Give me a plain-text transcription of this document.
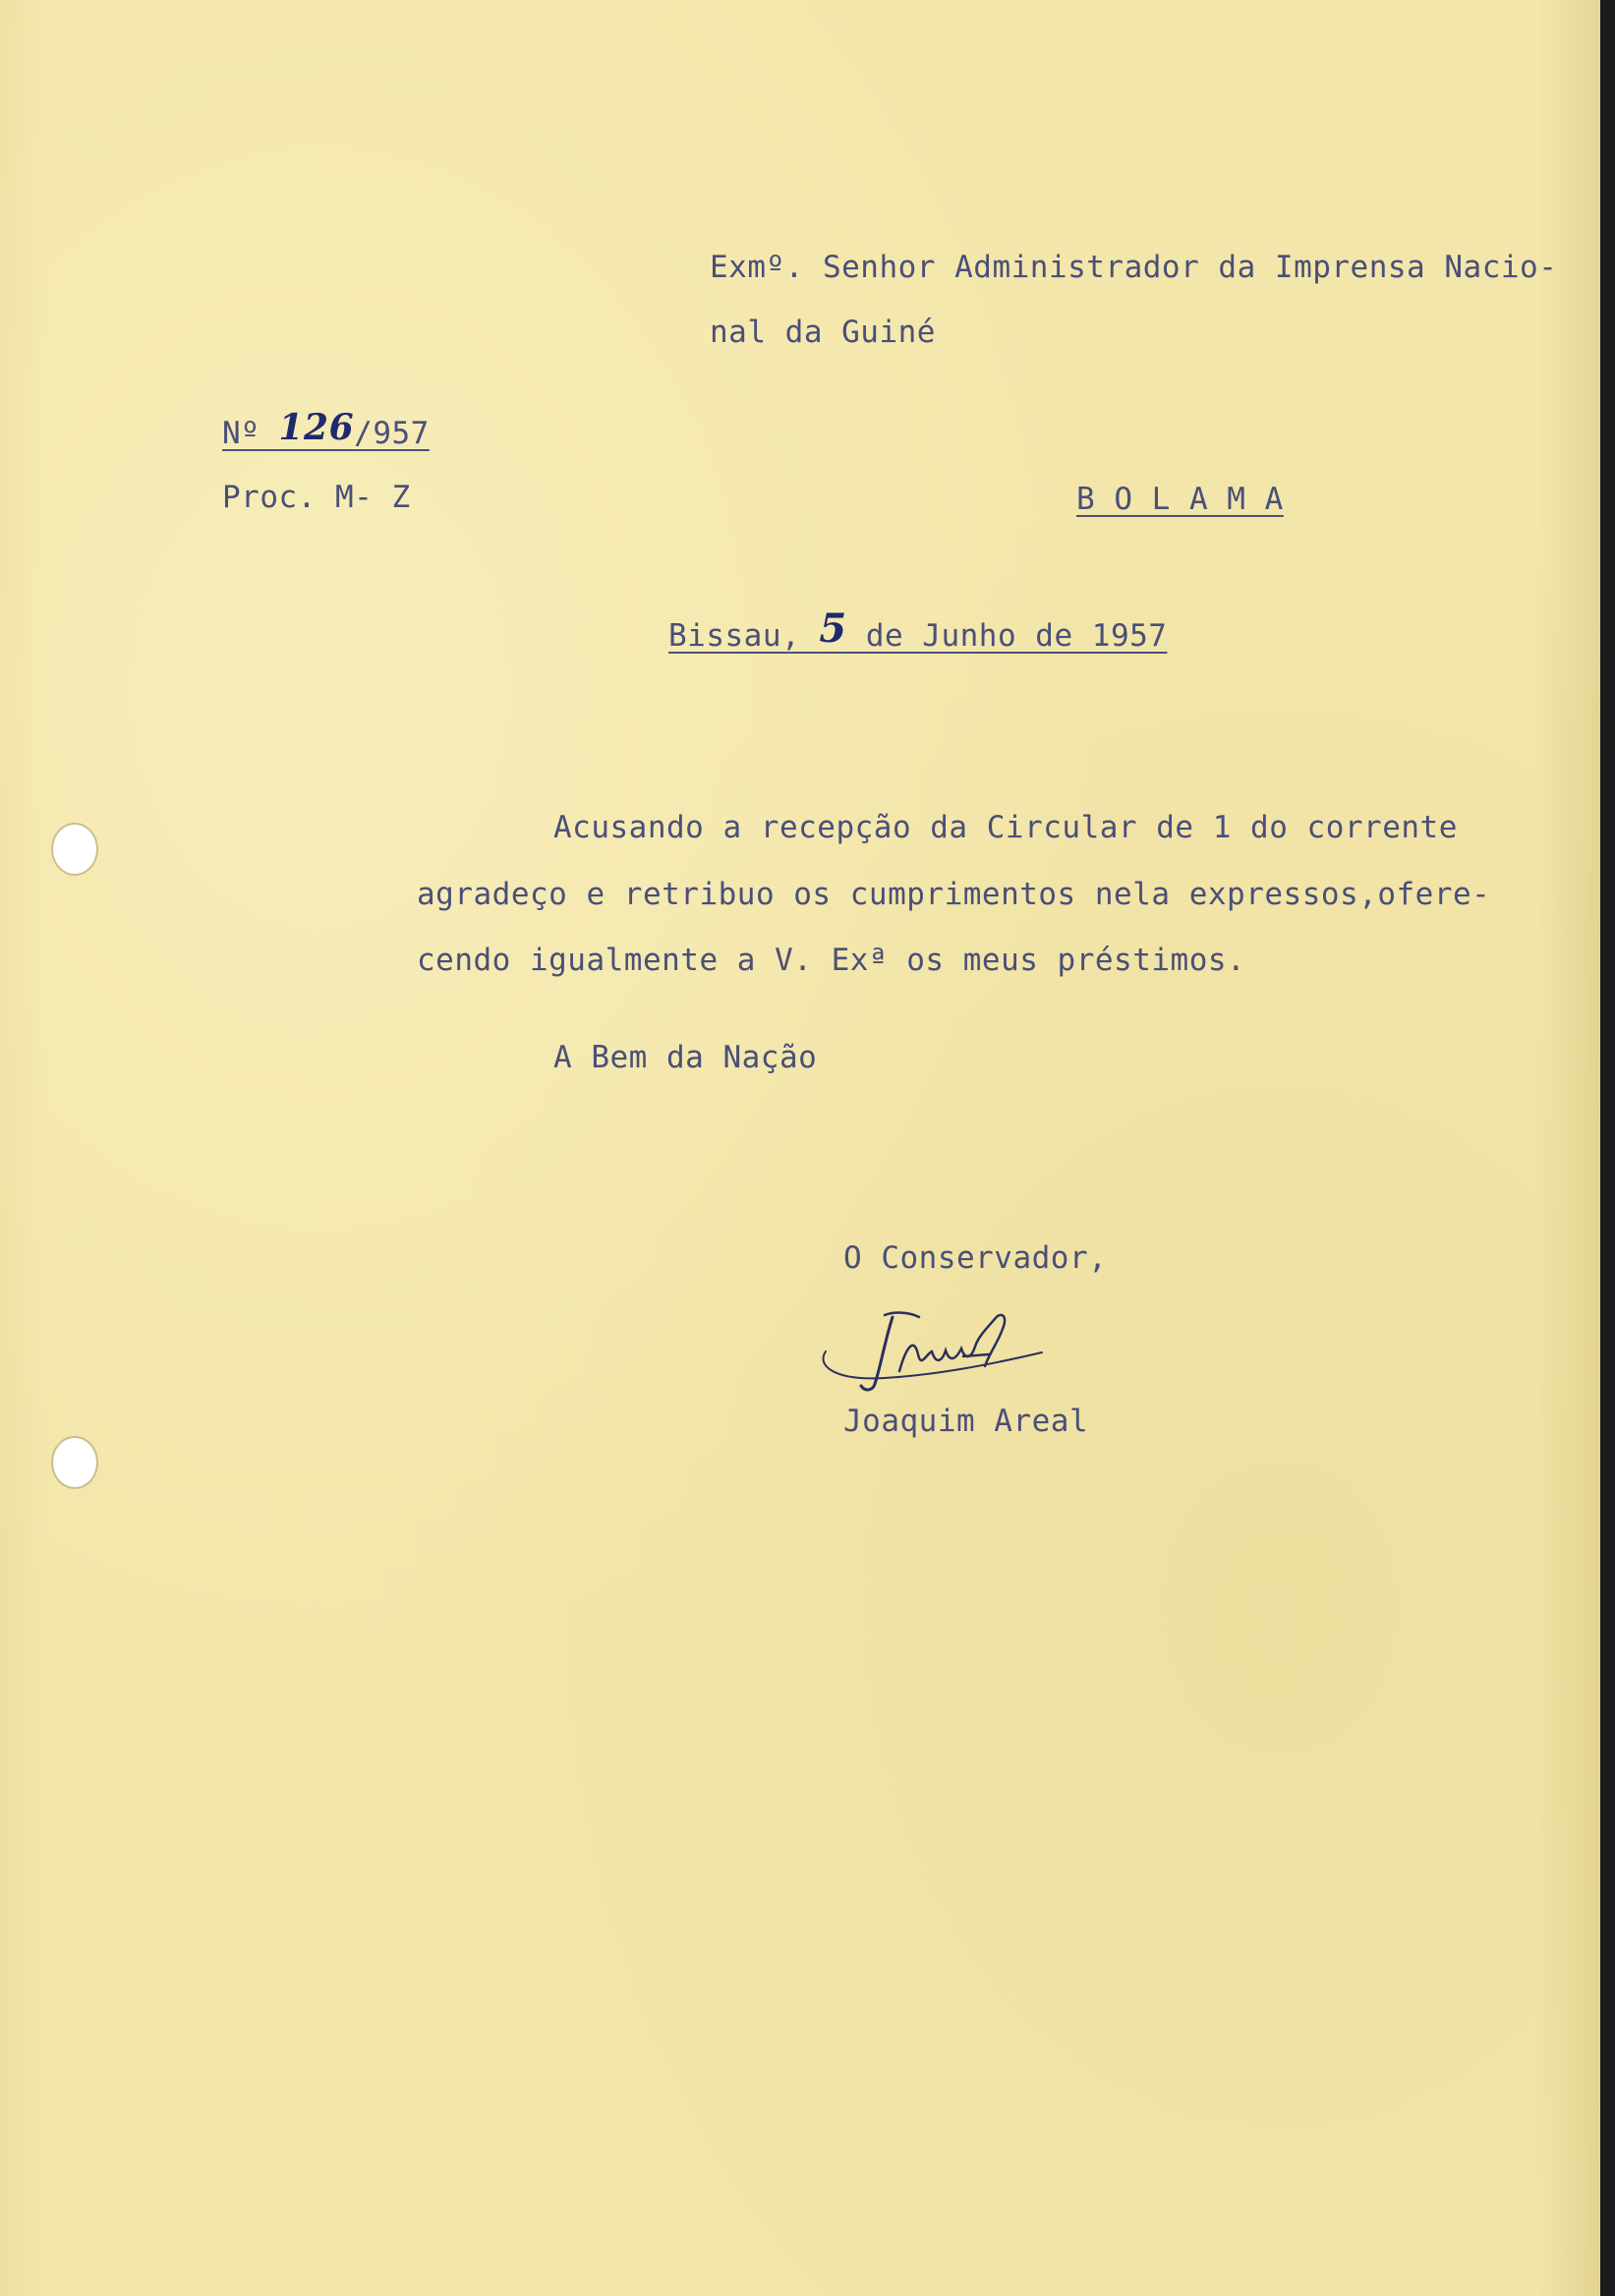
Exmº. Senhor Administrador da Imprensa Nacio-
nal da Guiné
Nº 126/957
Proc. M- Z	B O L A M A
Bissau, 5 de Junho de 1957
Acusando a recepção da Circular de 1 do corrente
agradeço e retribuo os cumprimentos nela expressos,ofere-
cendo igualmente a V. Exª os meus préstimos.
A Bem da Nação
O Conservador,
Joaquim Areal
